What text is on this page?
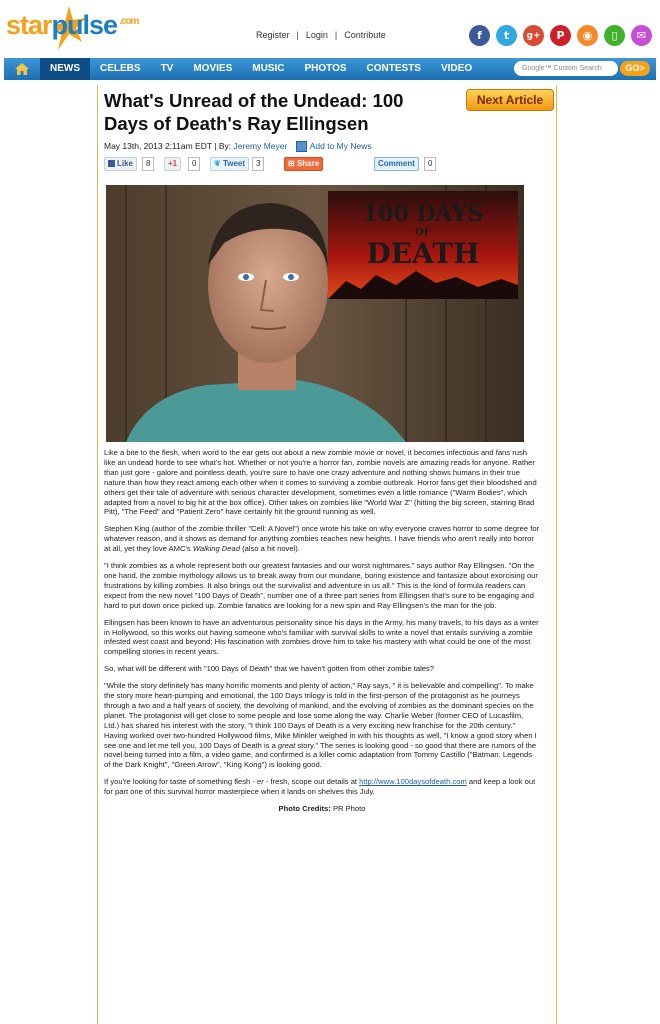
starpulse $^{.com}$
Register | Login | Contribute	f	t	g+	P	◉	▯	✉
NEWS	CELEBS	TV	MOVIES	MUSIC	PHOTOS	CONTESTS	VIDEO	Google™ Custom Search	GO>
What's Unread of the Undead: 100 Days of Death's Ray Ellingsen
Next Article
May 13th, 2013 2:11am EDT | By: Jeremy Meyer	Add to My News
Like	8	+1	0	❦ Tweet	3	⊞ Share	Comment	0
100 DAYS
OF
DEATH

Like a bite to the flesh, when word to the ear gets out about a new zombie movie or novel, it becomes infectious and fans rush like an undead horde to see what's hot. Whether or not you're a horror fan, zombie novels are amazing reads for anyone. Rather than just gore - galore and pointless death, you're sure to have one crazy adventure and nothing shows humans in their true nature than how they react among each other when it comes to surviving a zombie outbreak. Horror fans get their bloodshed and others get their tale of adventure with serious character development, sometimes even a little romance ("Warm Bodies", which adapted from a novel to big hit at the box office). Other takes on zombies like "World War Z" (hitting the big screen, starring Brad Pitt), "The Feed" and "Patient Zero" have certainly hit the ground running as well.

Stephen King (author of the zombie thriller "Cell: A Novel") once wrote his take on why everyone craves horror to some degree for whatever reason, and it shows as demand for anything zombies reaches new heights. I have friends who aren't really into horror at all, yet they love AMC's Walking Dead (also a hit novel).

"I think zombies as a whole represent both our greatest fantasies and our worst nightmares." says author Ray Ellingsen. "On the one hand, the zombie mythology allows us to break away from our mundane, boring existence and fantasize about exorcising our frustrations by killing zombies. It also brings out the survivalist and adventure in us all." This is the kind of formula readers can expect from the new novel "100 Days of Death", number one of a three part series from Ellingsen that's sure to be engaging and hard to put down once picked up. Zombie fanatics are looking for a new spin and Ray Ellingsen's the man for the job.

Ellingsen has been known to have an adventurous personality since his days in the Army, his many travels, to his days as a writer in Hollywood, so this works out having someone who's familiar with survival skills to write a novel that entails surviving a zombie infested west coast and beyond; His fascination with zombies drove him to take his mastery with what could be one of the most compelling stories in recent years.

So, what will be different with "100 Days of Death" that we haven't gotten from other zombie tales?

"While the story definitely has many horrific moments and plenty of action," Ray says, " it is believable and compelling". To make the story more heart-pumping and emotional, the 100 Days trilogy is told in the first-person of the protagonist as he journeys through a two and a half years of society, the devolving of mankind, and the evolving of zombies as the dominant species on the planet. The protagonist will get close to some people and lose some along the way. Charlie Weber (former CEO of Lucasfilm, Ltd.) has shared his interest with the story, "I think 100 Days of Death is a very exciting new franchise for the 20th century." Having worked over two-hundred Hollywood films, Mike Minkler weighed in with his thoughts as well, "I know a good story when I see one and let me tell you, 100 Days of Death is a great story." The series is looking good - so good that there are rumors of the novel being turned into a film, a video game, and confirmed is a killer comic adaptation from Tommy Castillo ("Batman: Legends of the Dark Knight", "Green Arrow", "King Kong") is looking good.

If you're looking for taste of something flesh - er - fresh, scope out details at http://www.100daysofdeath.com and keep a look out for part one of this survival horror masterpiece when it lands on shelves this July.

Photo Credits: PR Photo
